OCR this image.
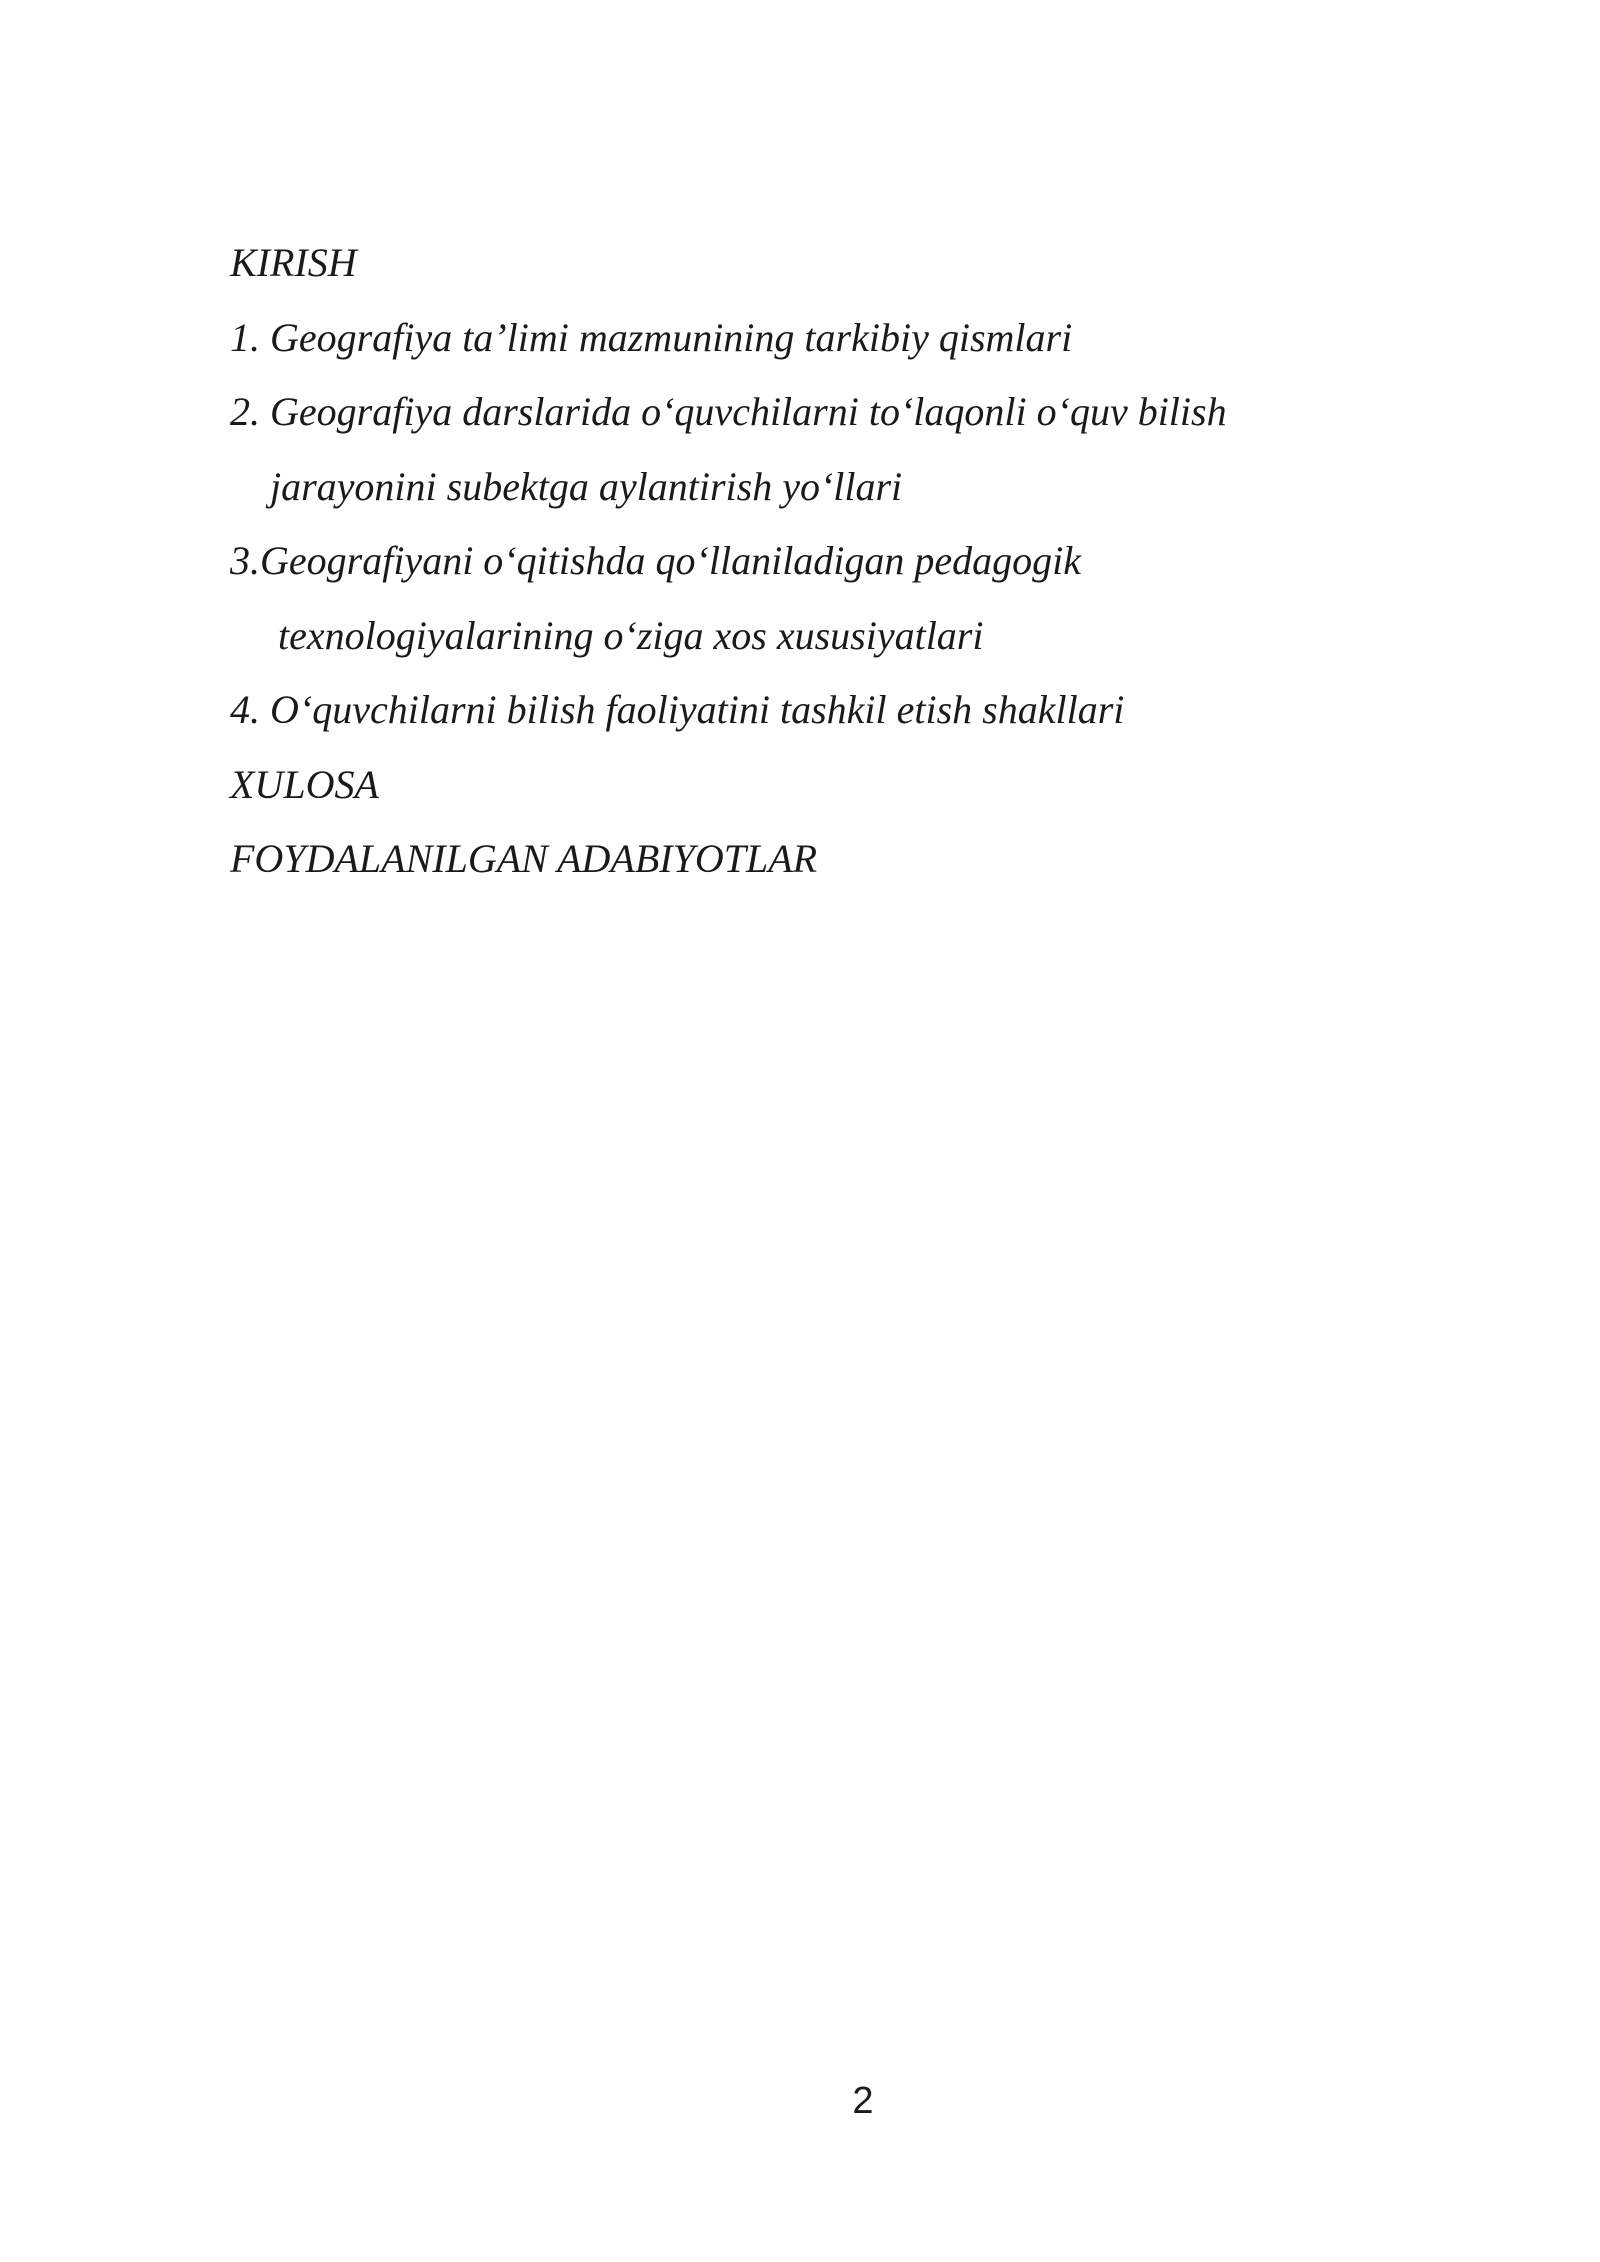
KIRISH

1. Geografiya ta’limi mazmunining tarkibiy qismlari

2. Geografiya darslarida o‘quvchilarni to‘laqonli o‘quv bilish

jarayonini subektga aylantirish yo‘llari

3.Geografiyani o‘qitishda qo‘llaniladigan pedagogik

texnologiyalarining o‘ziga xos xususiyatlari

4. O‘quvchilarni bilish faoliyatini tashkil etish shakllari

XULOSA

FOYDALANILGAN ADABIYOTLAR

2
